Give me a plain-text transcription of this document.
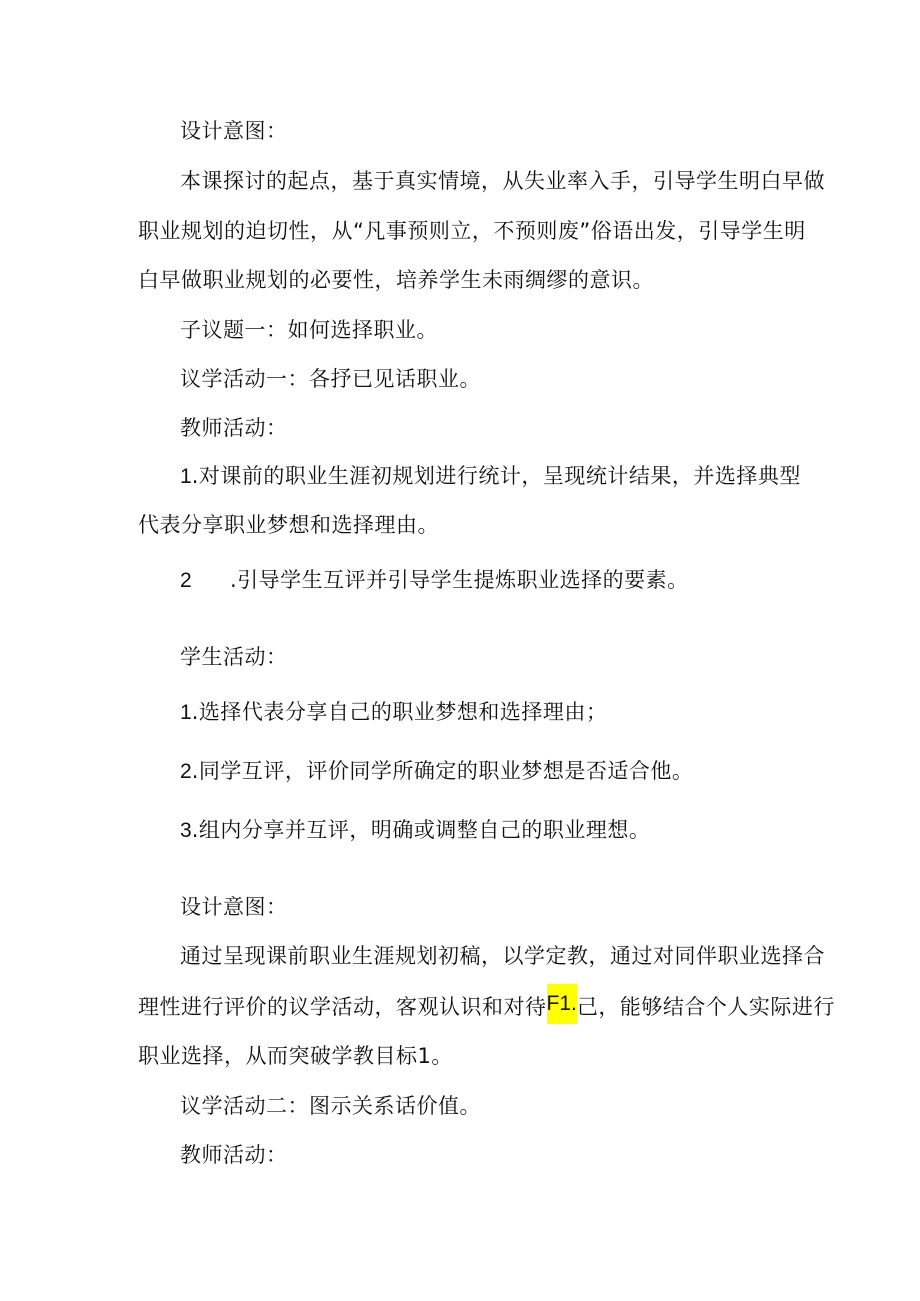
设计意图：
本课探讨的起点，基于真实情境，从失业率入手，引导学生明白早做
职业规划的迫切性，从“凡事预则立，不预则废”俗语出发，引导学生明
白早做职业规划的必要性，培养学生未雨绸缪的意识。
子议题一：如何选择职业。
议学活动一：各抒已见话职业。
教师活动：
1.对课前的职业生涯初规划进行统计，呈现统计结果，并选择典型
代表分享职业梦想和选择理由。
2 .引导学生互评并引导学生提炼职业选择的要素。
学生活动：
1.选择代表分享自己的职业梦想和选择理由；
2.同学互评，评价同学所确定的职业梦想是否适合他。
3.组内分享并互评，明确或调整自己的职业理想。
设计意图：
通过呈现课前职业生涯规划初稿，以学定教，通过对同伴职业选择合
理性进行评价的议学活动，客观认识和对待F1.己，能够结合个人实际进行
职业选择，从而突破学教目标1。
议学活动二：图示关系话价值。
教师活动：
